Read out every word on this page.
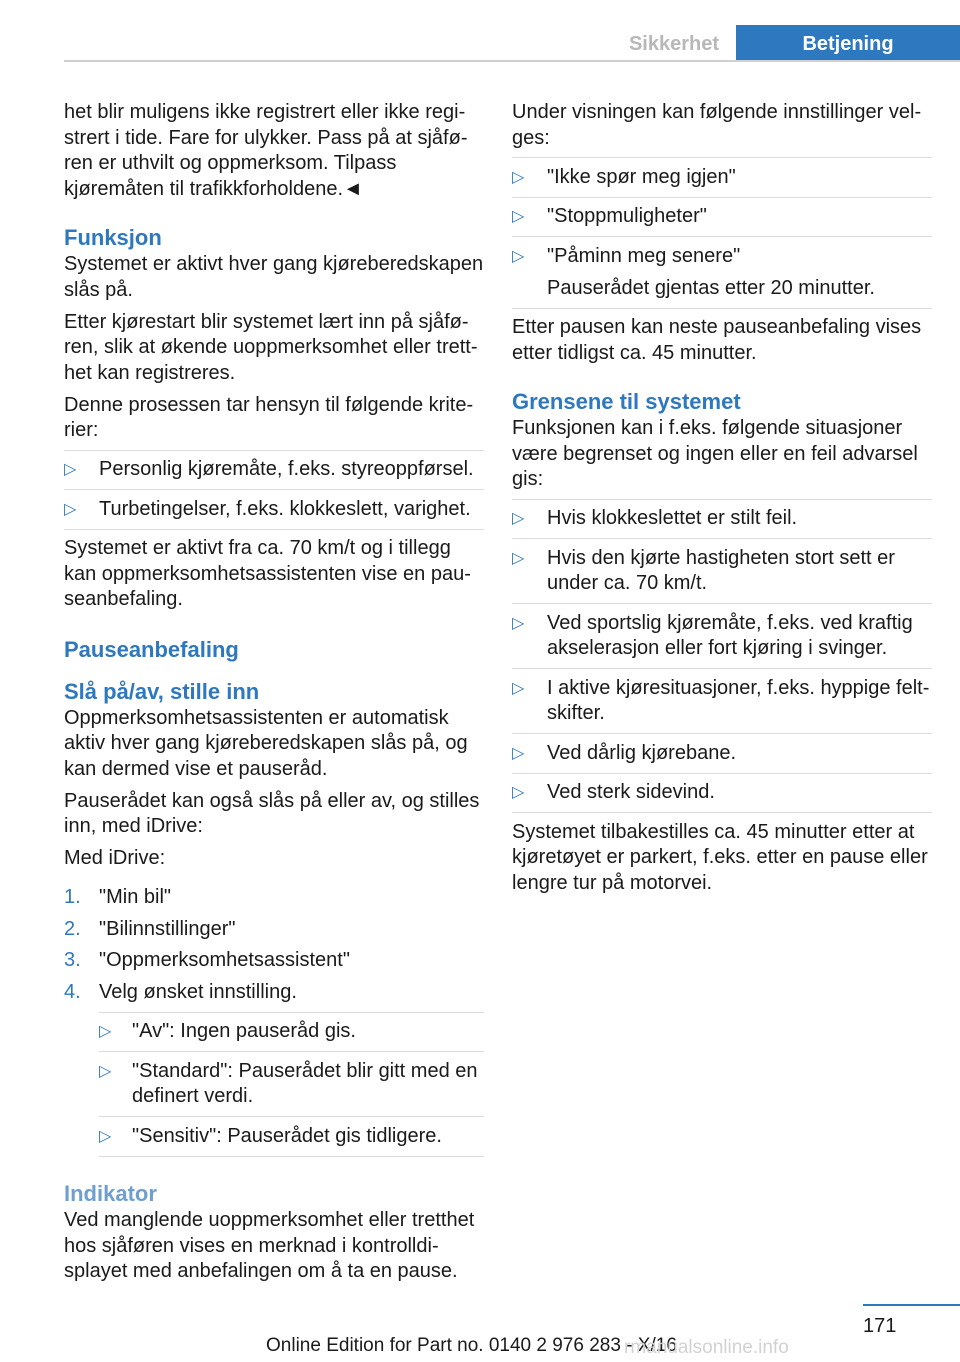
Sikkerhet	Betjening

het blir muligens ikke registrert eller ikke registrert i tide. Fare for ulykker. Pass på at sjåføren er uthvilt og oppmerksom. Tilpass kjøremåten til trafikkforholdene.◄

Funksjon

Systemet er aktivt hver gang kjøreberedskapen slås på.

Etter kjørestart blir systemet lært inn på sjåføren, slik at økende uoppmerksomhet eller tretthet kan registreres.

Denne prosessen tar hensyn til følgende kriterier:

▷ Personlig kjøremåte, f.eks. styreoppførsel.
▷ Turbetingelser, f.eks. klokkeslett, varighet.

Systemet er aktivt fra ca. 70 km/t og i tillegg kan oppmerksomhetsassistenten vise en pauseanbefaling.

Pauseanbefaling
Slå på/av, stille inn

Oppmerksomhetsassistenten er automatisk aktiv hver gang kjøreberedskapen slås på, og kan dermed vise et pauseråd.

Pauserådet kan også slås på eller av, og stilles inn, med iDrive:

Med iDrive:

1. "Min bil"
2. "Bilinnstillinger"
3. "Oppmerksomhetsassistent"
4. Velg ønsket innstilling.
▷ "Av": Ingen pauseråd gis.
▷ "Standard": Pauserådet blir gitt med en definert verdi.
▷ "Sensitiv": Pauserådet gis tidligere.
Indikator

Ved manglende uoppmerksomhet eller tretthet hos sjåføren vises en merknad i kontrolldisplayet med anbefalingen om å ta en pause.

Under visningen kan følgende innstillinger velges:

▷ "Ikke spør meg igjen"
▷ "Stoppmuligheter"
▷ "Påminn meg senere"
Pauserådet gjentas etter 20 minutter.

Etter pausen kan neste pauseanbefaling vises etter tidligst ca. 45 minutter.

Grensene til systemet

Funksjonen kan i f.eks. følgende situasjoner være begrenset og ingen eller en feil advarsel gis:

▷ Hvis klokkeslettet er stilt feil.
▷ Hvis den kjørte hastigheten stort sett er under ca. 70 km/t.
▷ Ved sportslig kjøremåte, f.eks. ved kraftig akselerasjon eller fort kjøring i svinger.
▷ I aktive kjøresituasjoner, f.eks. hyppige feltskifter.
▷ Ved dårlig kjørebane.
▷ Ved sterk sidevind.

Systemet tilbakestilles ca. 45 minutter etter at kjøretøyet er parkert, f.eks. etter en pause eller lengre tur på motorvei.

171
Online Edition for Part no. 0140 2 976 283 - X/16
rmanualsonline.info
